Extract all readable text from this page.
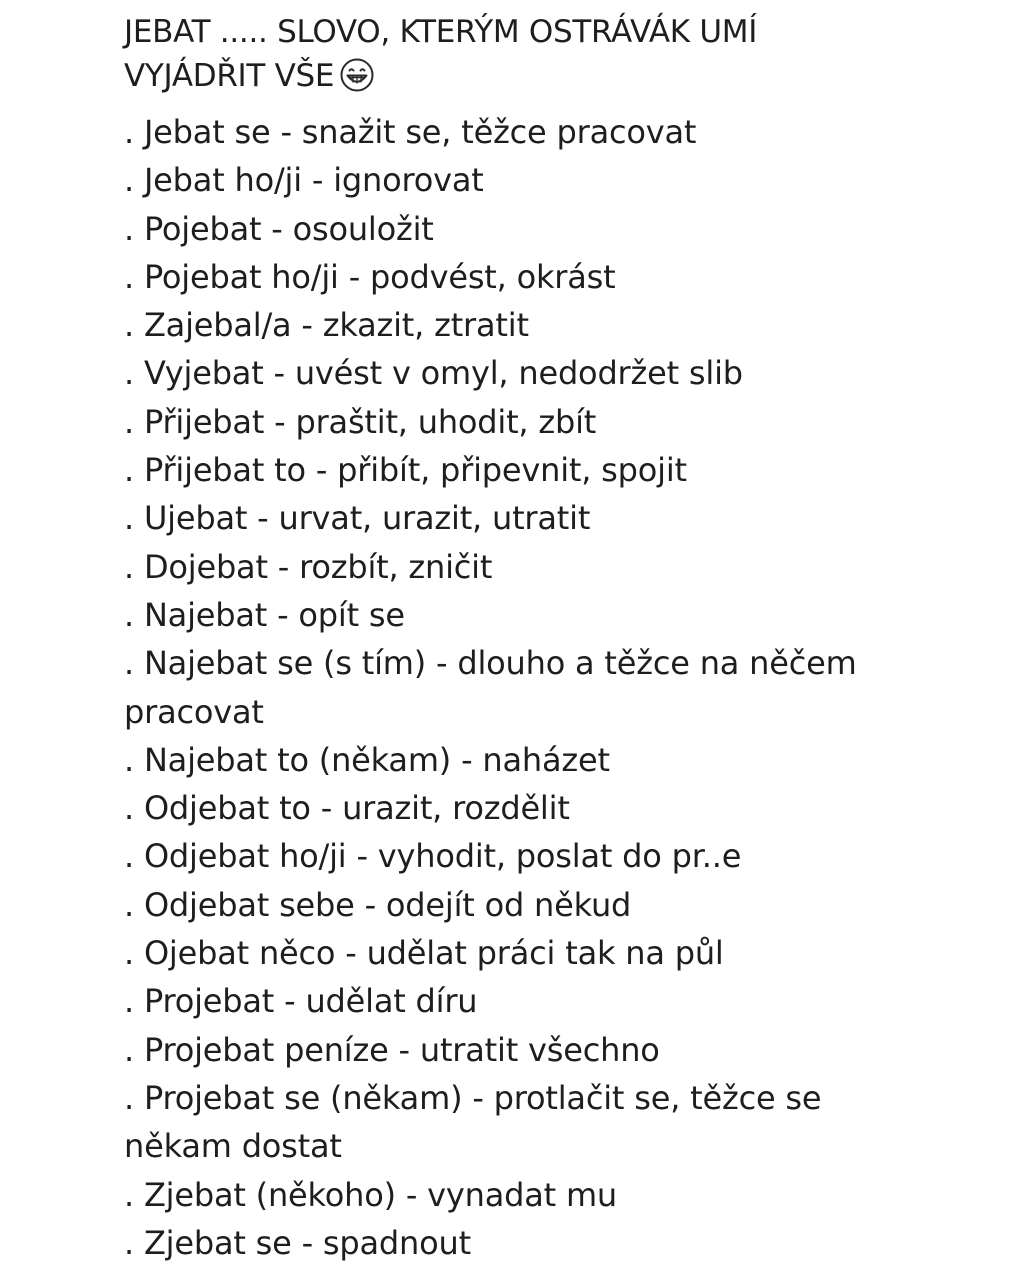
JEBAT ..... SLOVO, KTERÝM OSTRÁVÁK UMÍ
VYJÁDŘIT VŠE
. Jebat se - snažit se, těžce pracovat
. Jebat ho/ji - ignorovat
. Pojebat - osouložit
. Pojebat ho/ji - podvést, okrást
. Zajebal/a - zkazit, ztratit
. Vyjebat - uvést v omyl, nedodržet slib
. Přijebat - praštit, uhodit, zbít
. Přijebat to - přibít, připevnit, spojit
. Ujebat - urvat, urazit, utratit
. Dojebat - rozbít, zničit
. Najebat - opít se
. Najebat se (s tím) - dlouho a těžce na něčem
pracovat
. Najebat to (někam) - naházet
. Odjebat to - urazit, rozdělit
. Odjebat ho/ji - vyhodit, poslat do pr..e
. Odjebat sebe - odejít od někud
. Ojebat něco - udělat práci tak na půl
. Projebat - udělat díru
. Projebat peníze - utratit všechno
. Projebat se (někam) - protlačit se, těžce se
někam dostat
. Zjebat (někoho) - vynadat mu
. Zjebat se - spadnout
